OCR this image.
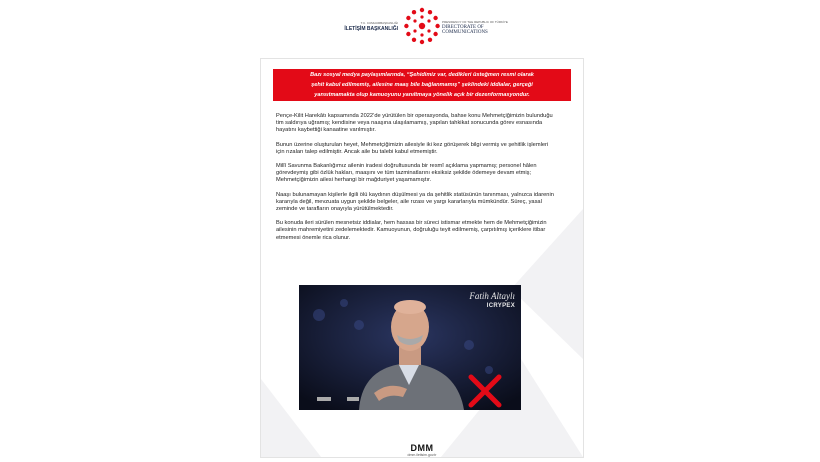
T.C. CUMHURBAŞKANLIĞI
İLETİŞİM BAŞKANLIĞI
PRESIDENCY OF THE REPUBLIC OF TÜRKİYE
DIRECTORATE OF
COMMUNICATIONS
Bazı sosyal medya paylaşımlarında, “Şehidimiz var, dedikleri üsteğmen resmi olarak
şehit kabul edilmemiş, ailesine maaş bile bağlanmamış” şeklindeki iddialar, gerçeği
yansıtmamakta olup kamuoyunu yanıltmaya yönelik açık bir dezenformasyondur.

Pençe-Kilit Harekâtı kapsamında 2022’de yürütülen bir operasyonda, bahse konu Mehmetçiğimizin bulunduğu tim saldırıya uğramış; kendisine veya naaşına ulaşılamamış, yapılan tahkikat sonucunda görev esnasında hayatını kaybettiği kanaatine varılmıştır.

Bunun üzerine oluşturulan heyet, Mehmetçiğimizin ailesiyle iki kez görüşerek bilgi vermiş ve şehitlik işlemleri için rızaları talep edilmiştir. Ancak aile bu talebi kabul etmemiştir.

Millî Savunma Bakanlığımız ailenin iradesi doğrultusunda bir resmî açıklama yapmamış; personel hâlen görevdeymiş gibi özlük hakları, maaşını ve tüm tazminatlarını eksiksiz şekilde ödemeye devam etmiş; Mehmetçiğimizin ailesi herhangi bir mağduriyet yaşamamıştır.

Naaşı bulunamayan kişilerle ilgili ölü kaydının düşülmesi ya da şehitlik statüsünün tanınması, yalnızca idarenin kararıyla değil, mevzuata uygun şekilde belgeler, aile rızası ve yargı kararlarıyla mümkündür. Süreç, yasal zeminde ve tarafların onayıyla yürütülmektedir.

Bu konuda ileri sürülen mesnetsiz iddialar, hem hassas bir süreci istismar etmekte hem de Mehmetçiğimizin ailesinin mahremiyetini zedelemektedir. Kamuoyunun, doğruluğu teyit edilmemiş, çarpıtılmış içeriklere itibar etmemesi önemle rica olunur.

Fatih Altaylı
ICRYPEX
DMM
dmm.iletisim.gov.tr
